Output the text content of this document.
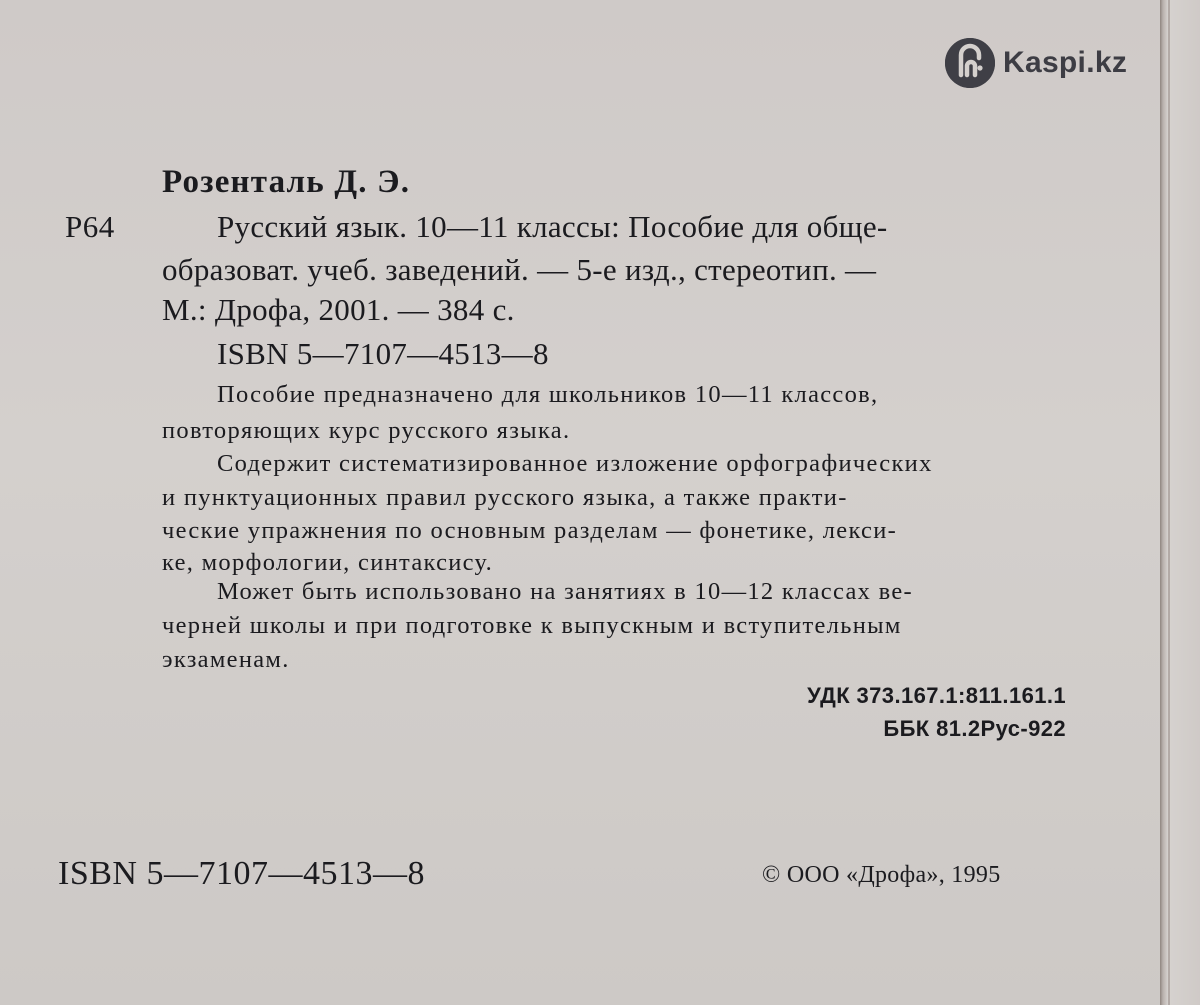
Kaspi.kz
Розенталь Д. Э.
Р64	Русский язык. 10—11 классы: Пособие для обще-
образоват. учеб. заведений. — 5-е изд., стереотип. —
М.: Дрофа, 2001. — 384 с.
ISBN 5—7107—4513—8
Пособие предназначено для школьников 10—11 классов,
повторяющих курс русского языка.
Содержит систематизированное изложение орфографических
и пунктуационных правил русского языка, а также практи-
ческие упражнения по основным разделам — фонетике, лекси-
ке, морфологии, синтаксису.
Может быть использовано на занятиях в 10—12 классах ве-
черней школы и при подготовке к выпускным и вступительным
экзаменам.
УДК 373.167.1:811.161.1
ББК 81.2Рус-922
ISBN 5—7107—4513—8	© ООО «Дрофа», 1995
